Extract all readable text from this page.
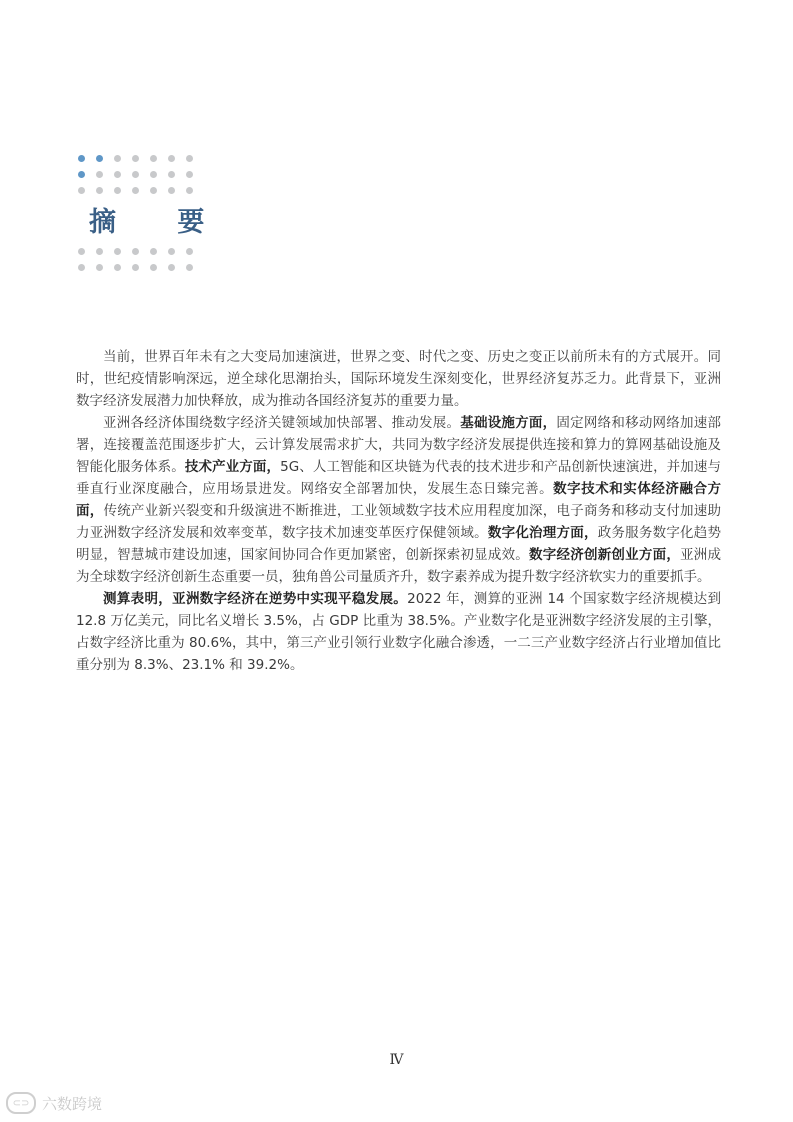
摘 要

当前，世界百年未有之大变局加速演进，世界之变、时代之变、历史之变正以前所未有的方式展开。同时，世纪疫情影响深远，逆全球化思潮抬头，国际环境发生深刻变化，世界经济复苏乏力。此背景下，亚洲数字经济发展潜力加快释放，成为推动各国经济复苏的重要力量。

亚洲各经济体围绕数字经济关键领域加快部署、推动发展。基础设施方面，固定网络和移动网络加速部署，连接覆盖范围逐步扩大，云计算发展需求扩大，共同为数字经济发展提供连接和算力的算网基础设施及智能化服务体系。技术产业方面，5G、人工智能和区块链为代表的技术进步和产品创新快速演进，并加速与垂直行业深度融合，应用场景进发。网络安全部署加快，发展生态日臻完善。数字技术和实体经济融合方面，传统产业新兴裂变和升级演进不断推进，工业领域数字技术应用程度加深，电子商务和移动支付加速助力亚洲数字经济发展和效率变革，数字技术加速变革医疗保健领域。数字化治理方面，政务服务数字化趋势明显，智慧城市建设加速，国家间协同合作更加紧密，创新探索初显成效。数字经济创新创业方面，亚洲成为全球数字经济创新生态重要一员，独角兽公司量质齐升，数字素养成为提升数字经济软实力的重要抓手。

测算表明，亚洲数字经济在逆势中实现平稳发展。2022 年，测算的亚洲 14 个国家数字经济规模达到 12.8 万亿美元，同比名义增长 3.5%，占 GDP 比重为 38.5%。产业数字化是亚洲数字经济发展的主引擎，占数字经济比重为 80.6%，其中，第三产业引领行业数字化融合渗透，一二三产业数字经济占行业增加值比重分别为 8.3%、23.1% 和 39.2%。

Ⅳ
⊂⊃ 六数跨境
